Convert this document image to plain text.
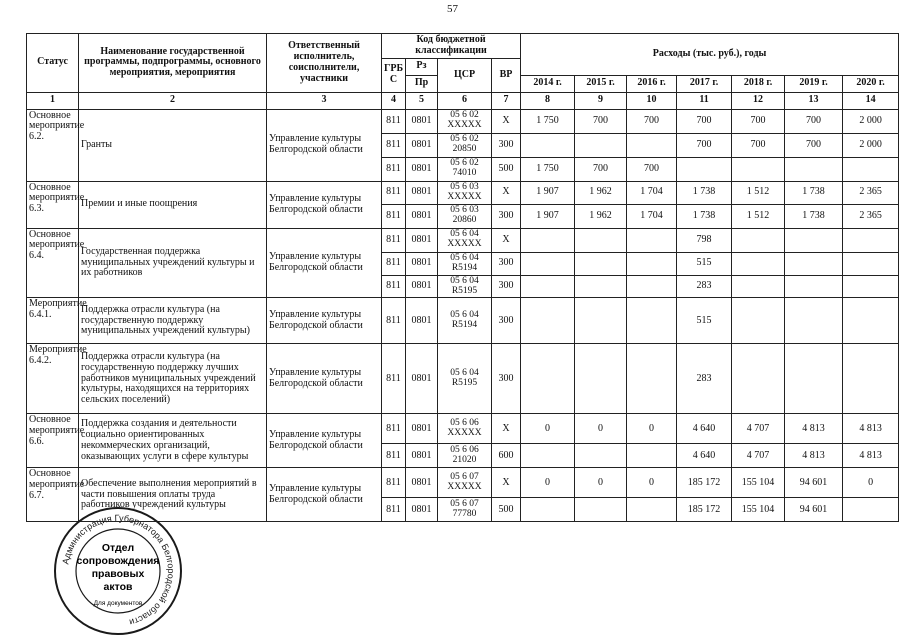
57
Статус	Наименование государственной программы, подпрограммы, основного мероприятия, мероприятия	Ответственный исполнитель, соисполнители, участники	Код бюджетной классификации				Расходы (тыс. руб.), годы						
			ГРБ С	Рз	ЦСР	ВР							
				Пр			2014 г.	2015 г.	2016 г.	2017 г.	2018 г.	2019 г.	2020 г.
1	2	3	4	5	6	7	8	9	10	11	12	13	14
Основное мероприятие 6.2.	Гранты	Управление культуры Белгородской области	811	0801	05 6 02 XXXXX	X	1 750	700	700	700	700	700	2 000
			811	0801	05 6 02 20850	300				700	700	700	2 000
			811	0801	05 6 02 74010	500	1 750	700	700				
Основное мероприятие 6.3.	Премии и иные поощрения	Управление культуры Белгородской области	811	0801	05 6 03 XXXXX	X	1 907	1 962	1 704	1 738	1 512	1 738	2 365
			811	0801	05 6 03 20860	300	1 907	1 962	1 704	1 738	1 512	1 738	2 365
Основное мероприятие 6.4.	Государственная поддержка муниципальных учреждений культуры и их работников	Управление культуры Белгородской области	811	0801	05 6 04 XXXXX	X				798			
			811	0801	05 6 04 R5194	300				515			
			811	0801	05 6 04 R5195	300				283			
Мероприятие 6.4.1.	Поддержка отрасли культура (на государственную поддержку муниципальных учреждений культуры)	Управление культуры Белгородской области	811	0801	05 6 04 R5194	300				515			
Мероприятие 6.4.2.	Поддержка отрасли культура (на государственную поддержку лучших работников муниципальных учреждений культуры, находящихся на территориях сельских поселений)	Управление культуры Белгородской области	811	0801	05 6 04 R5195	300				283			
Основное мероприятие 6.6.	Поддержка создания и деятельности социально ориентированных некоммерческих организаций, оказывающих услуги в сфере культуры	Управление культуры Белгородской области	811	0801	05 6 06 XXXXX	X	0	0	0	4 640	4 707	4 813	4 813
			811	0801	05 6 06 21020	600				4 640	4 707	4 813	4 813
Основное мероприятие 6.7.	Обеспечение выполнения мероприятий в части повышения оплаты труда работников учреждений культуры	Управление культуры Белгородской области	811	0801	05 6 07 XXXXX	X	0	0	0	185 172	155 104	94 601	0
			811	0801	05 6 07 77780	500				185 172	155 104	94 601	
Администрация Губернатора Белгородской области
Отдел
сопровождения
правовых
актов
Для документов
